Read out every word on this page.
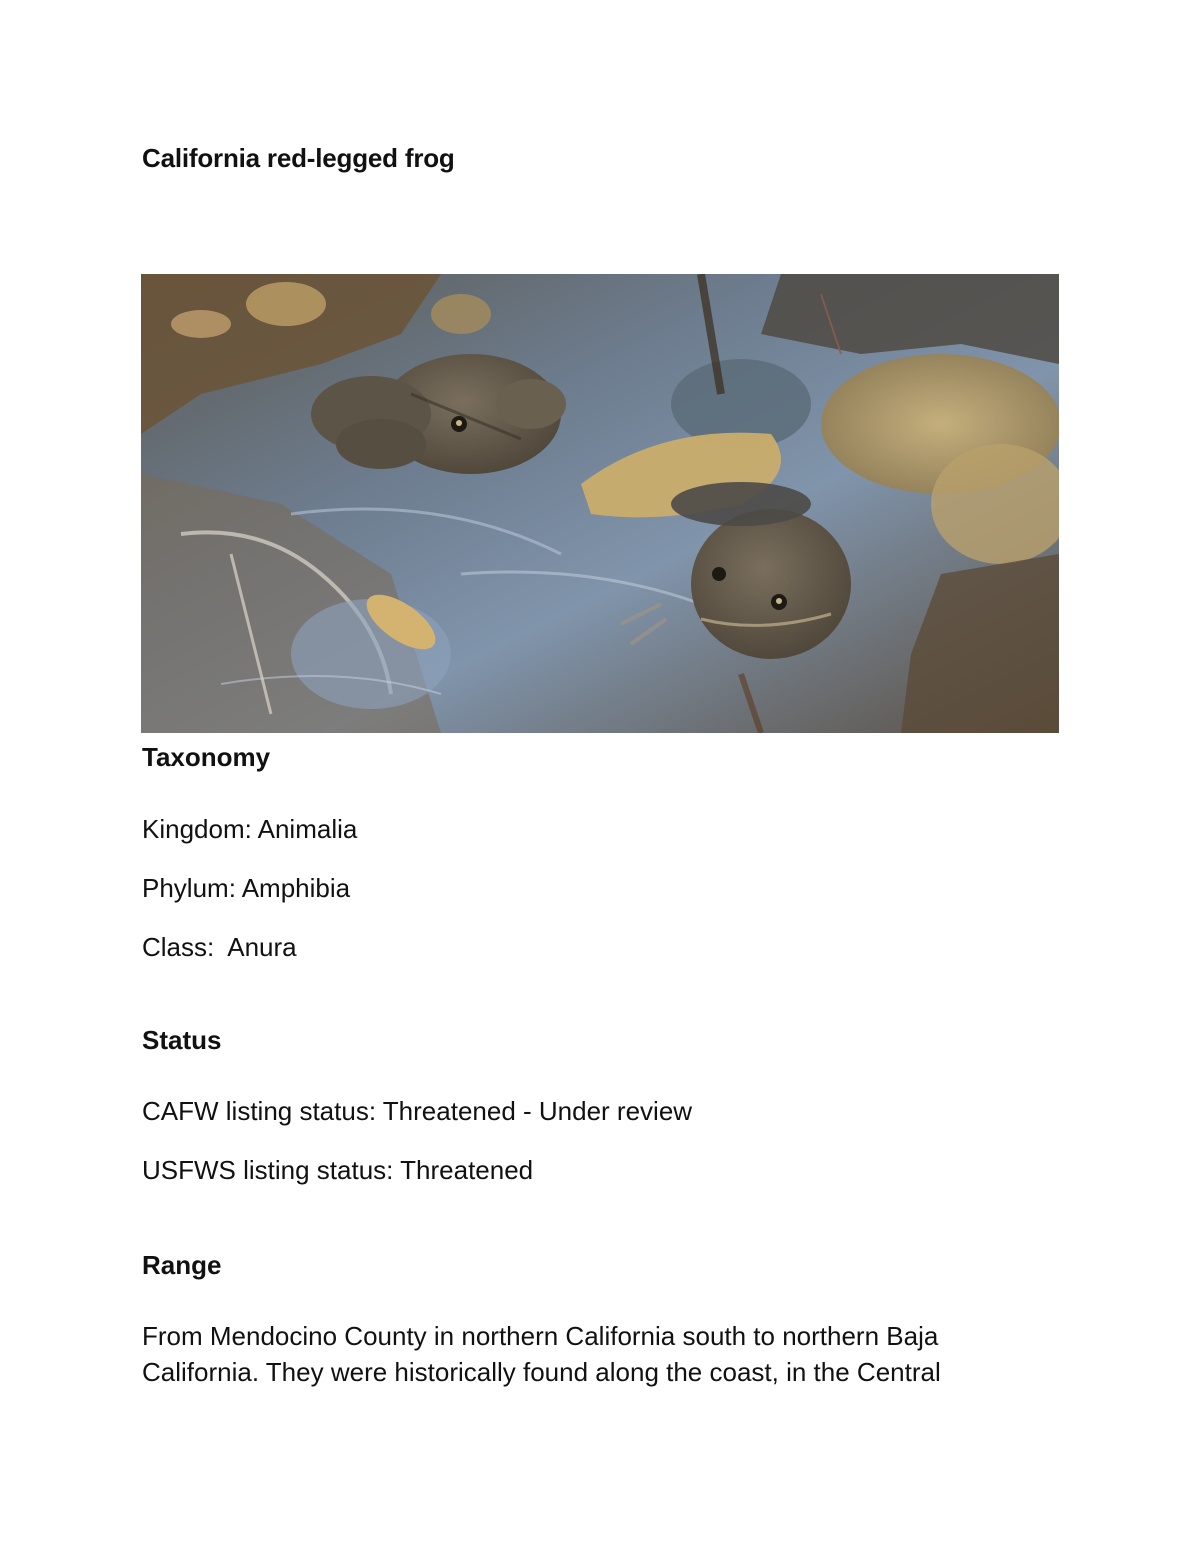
California red-legged frog
Taxonomy

Kingdom: Animalia

Phylum: Amphibia

Class:  Anura

Status

CAFW listing status: Threatened - Under review

USFWS listing status: Threatened

Range

From Mendocino County in northern California south to northern Baja California. They were historically found along the coast, in the Central
